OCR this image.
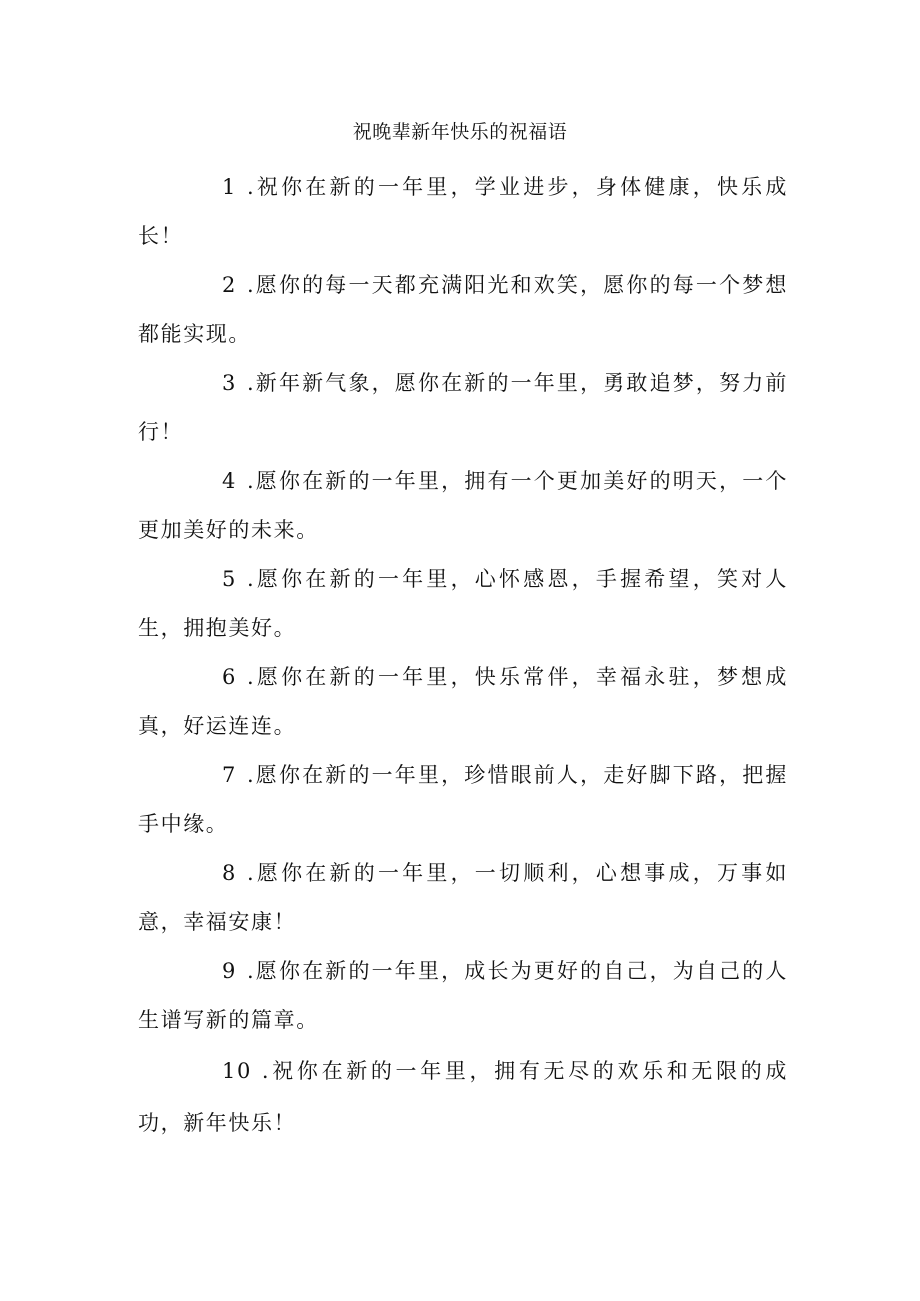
祝晚辈新年快乐的祝福语

1 .祝你在新的一年里，学业进步，身体健康，快乐成长！

2 .愿你的每一天都充满阳光和欢笑，愿你的每一个梦想都能实现。

3 .新年新气象，愿你在新的一年里，勇敢追梦，努力前行！

4 .愿你在新的一年里，拥有一个更加美好的明天，一个更加美好的未来。

5 .愿你在新的一年里，心怀感恩，手握希望，笑对人生，拥抱美好。

6 .愿你在新的一年里，快乐常伴，幸福永驻，梦想成真，好运连连。

7 .愿你在新的一年里，珍惜眼前人，走好脚下路，把握手中缘。

8 .愿你在新的一年里，一切顺利，心想事成，万事如意，幸福安康！

9 .愿你在新的一年里，成长为更好的自己，为自己的人生谱写新的篇章。

10 .祝你在新的一年里，拥有无尽的欢乐和无限的成功，新年快乐！
